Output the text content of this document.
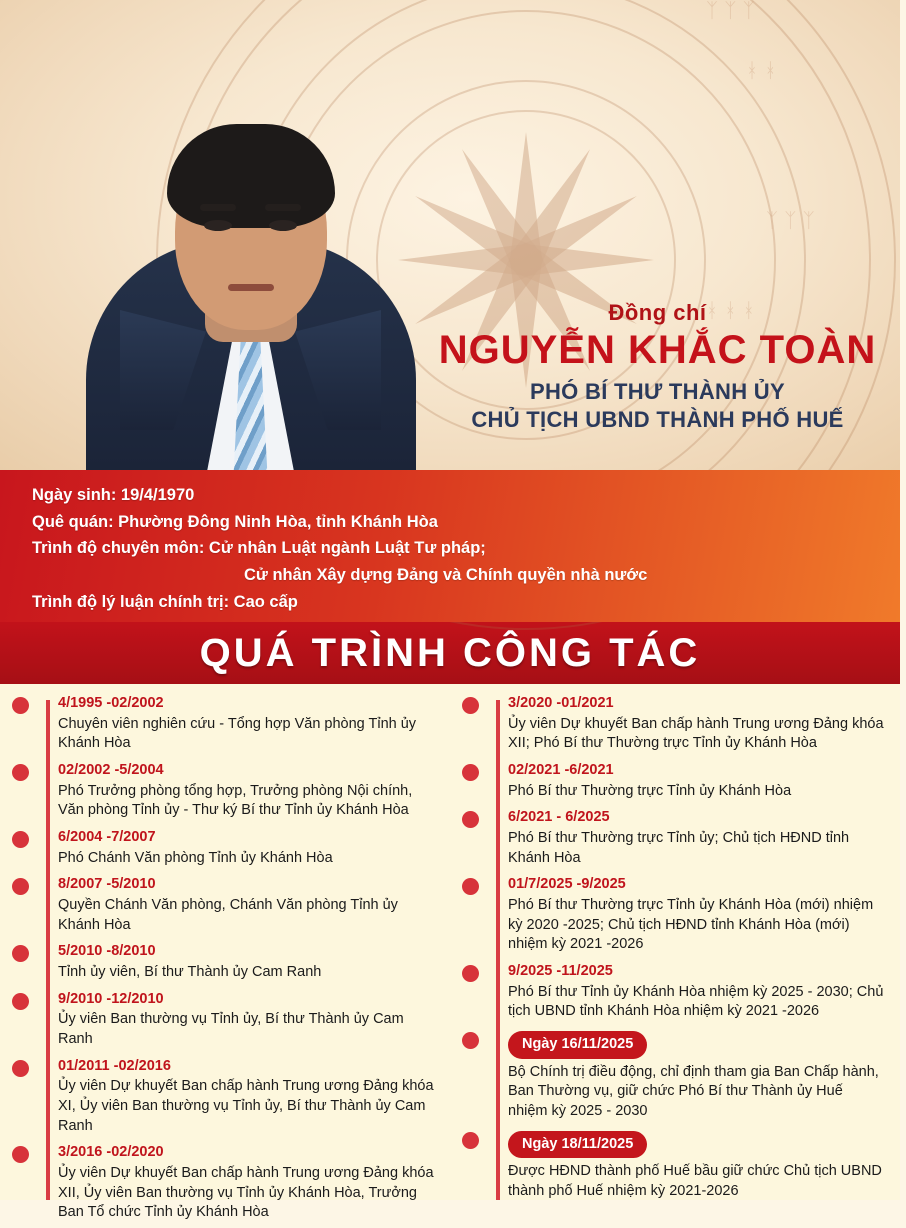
ᛉ ᛉ ᛉ
ᚼ ᚼ
ᛉ ᛉ ᛉ
ᚼ ᚼ ᚼ
Đồng chí
NGUYỄN KHẮC TOÀN
PHÓ BÍ THƯ THÀNH ỦY
CHỦ TỊCH UBND THÀNH PHỐ HUẾ
Ngày sinh: 19/4/1970
Quê quán: Phường Đông Ninh Hòa, tỉnh Khánh Hòa
Trình độ chuyên môn: Cử nhân Luật ngành Luật Tư pháp;
Cử nhân Xây dựng Đảng và Chính quyền nhà nước
Trình độ lý luận chính trị: Cao cấp
QUÁ TRÌNH CÔNG TÁC
4/1995 -02/2002
Chuyên viên nghiên cứu - Tổng hợp Văn phòng Tỉnh ủy Khánh Hòa
02/2002 -5/2004
Phó Trưởng phòng tổng hợp, Trưởng phòng Nội chính, Văn phòng Tỉnh ủy - Thư ký Bí thư Tỉnh ủy Khánh Hòa
6/2004 -7/2007
Phó Chánh Văn phòng Tỉnh ủy Khánh Hòa
8/2007 -5/2010
Quyền Chánh Văn phòng, Chánh Văn phòng Tỉnh ủy Khánh Hòa
5/2010 -8/2010
Tỉnh ủy viên, Bí thư Thành ủy Cam Ranh
9/2010 -12/2010
Ủy viên Ban thường vụ Tỉnh ủy, Bí thư Thành ủy Cam Ranh
01/2011 -02/2016
Ủy viên Dự khuyết Ban chấp hành Trung ương Đảng khóa XI, Ủy viên Ban thường vụ Tỉnh ủy, Bí thư Thành ủy Cam Ranh
3/2016 -02/2020
Ủy viên Dự khuyết Ban chấp hành Trung ương Đảng khóa XII, Ủy viên Ban thường vụ Tỉnh ủy Khánh Hòa, Trưởng Ban Tổ chức Tỉnh ủy Khánh Hòa
3/2020 -01/2021
Ủy viên Dự khuyết Ban chấp hành Trung ương Đảng khóa XII; Phó Bí thư Thường trực Tỉnh ủy Khánh Hòa
02/2021 -6/2021
Phó Bí thư Thường trực Tỉnh ủy Khánh Hòa
6/2021 - 6/2025
Phó Bí thư Thường trực Tỉnh ủy; Chủ tịch HĐND tỉnh Khánh Hòa
01/7/2025 -9/2025
Phó Bí thư Thường trực Tỉnh ủy Khánh Hòa (mới) nhiệm kỳ 2020 -2025; Chủ tịch HĐND tỉnh Khánh Hòa (mới) nhiệm kỳ 2021 -2026
9/2025 -11/2025
Phó Bí thư Tỉnh ủy Khánh Hòa nhiệm kỳ 2025 - 2030; Chủ tịch UBND tỉnh Khánh Hòa nhiệm kỳ 2021 -2026
Ngày 16/11/2025
Bộ Chính trị điều động, chỉ định tham gia Ban Chấp hành, Ban Thường vụ, giữ chức Phó Bí thư Thành ủy Huế nhiệm kỳ 2025 - 2030
Ngày 18/11/2025
Được HĐND thành phố Huế bầu giữ chức Chủ tịch UBND thành phố Huế nhiệm kỳ 2021-2026
